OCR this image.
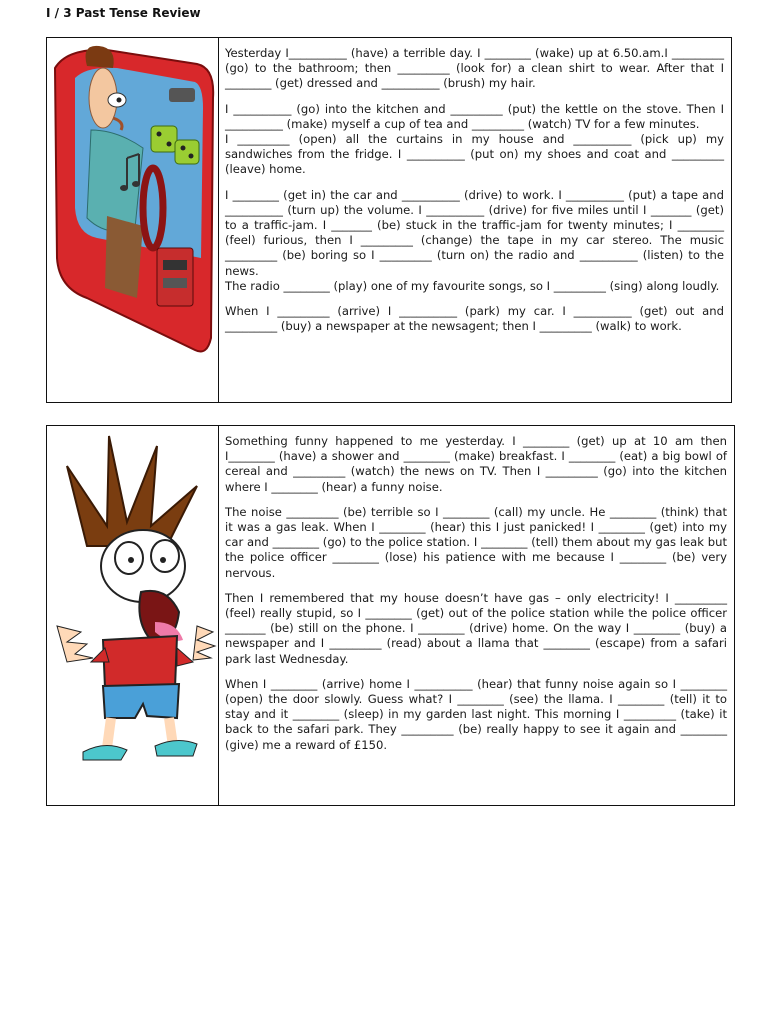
I / 3 Past Tense Review

Yesterday I__________ (have) a terrible day. I ________ (wake) up at 6.50.am.I _________ (go) to the bathroom; then _________ (look for) a clean shirt to wear. After that I ________ (get) dressed and __________ (brush) my hair.

I __________ (go) into the kitchen and _________ (put) the kettle on the stove. Then I __________ (make) myself a cup of tea and _________ (watch) TV for a few minutes.

I _________ (open) all the curtains in my house and __________ (pick up) my sandwiches from the fridge. I __________ (put on) my shoes and coat and _________ (leave) home.

I ________ (get in) the car and __________ (drive) to work. I __________ (put) a tape and __________ (turn up) the volume. I __________ (drive) for five miles until I _______ (get) to a traffic-jam. I _______ (be) stuck in the traffic-jam for twenty minutes; I ________ (feel) furious, then I _________ (change) the tape in my car stereo. The music _________ (be) boring so I _________ (turn on) the radio and __________ (listen) to the news.

The radio ________ (play) one of my favourite songs, so I _________ (sing) along loudly.

When I _________ (arrive) I __________ (park) my car. I __________ (get) out and _________ (buy) a newspaper at the newsagent; then I _________ (walk) to work.

Something funny happened to me yesterday. I ________ (get) up at 10 am then I________ (have) a shower and ________ (make) breakfast. I ________ (eat) a big bowl of cereal and _________ (watch) the news on TV. Then I _________ (go) into the kitchen where I ________ (hear) a funny noise.

The noise _________ (be) terrible so I ________ (call) my uncle. He ________ (think) that it was a gas leak. When I ________ (hear) this I just panicked! I ________ (get) into my car and ________ (go) to the police station. I ________ (tell) them about my gas leak but the police officer ________ (lose) his patience with me because I ________ (be) very nervous.

Then I remembered that my house doesn’t have gas – only electricity! I _________ (feel) really stupid, so I ________ (get) out of the police station while the police officer _______ (be) still on the phone. I ________ (drive) home. On the way I ________ (buy) a newspaper and I _________ (read) about a llama that ________ (escape) from a safari park last Wednesday.

When I ________ (arrive) home I __________ (hear) that funny noise again so I ________ (open) the door slowly. Guess what? I ________ (see) the llama. I ________ (tell) it to stay and it ________ (sleep) in my garden last night. This morning I _________ (take) it back to the safari park. They _________ (be) really happy to see it again and ________ (give) me a reward of £150.
